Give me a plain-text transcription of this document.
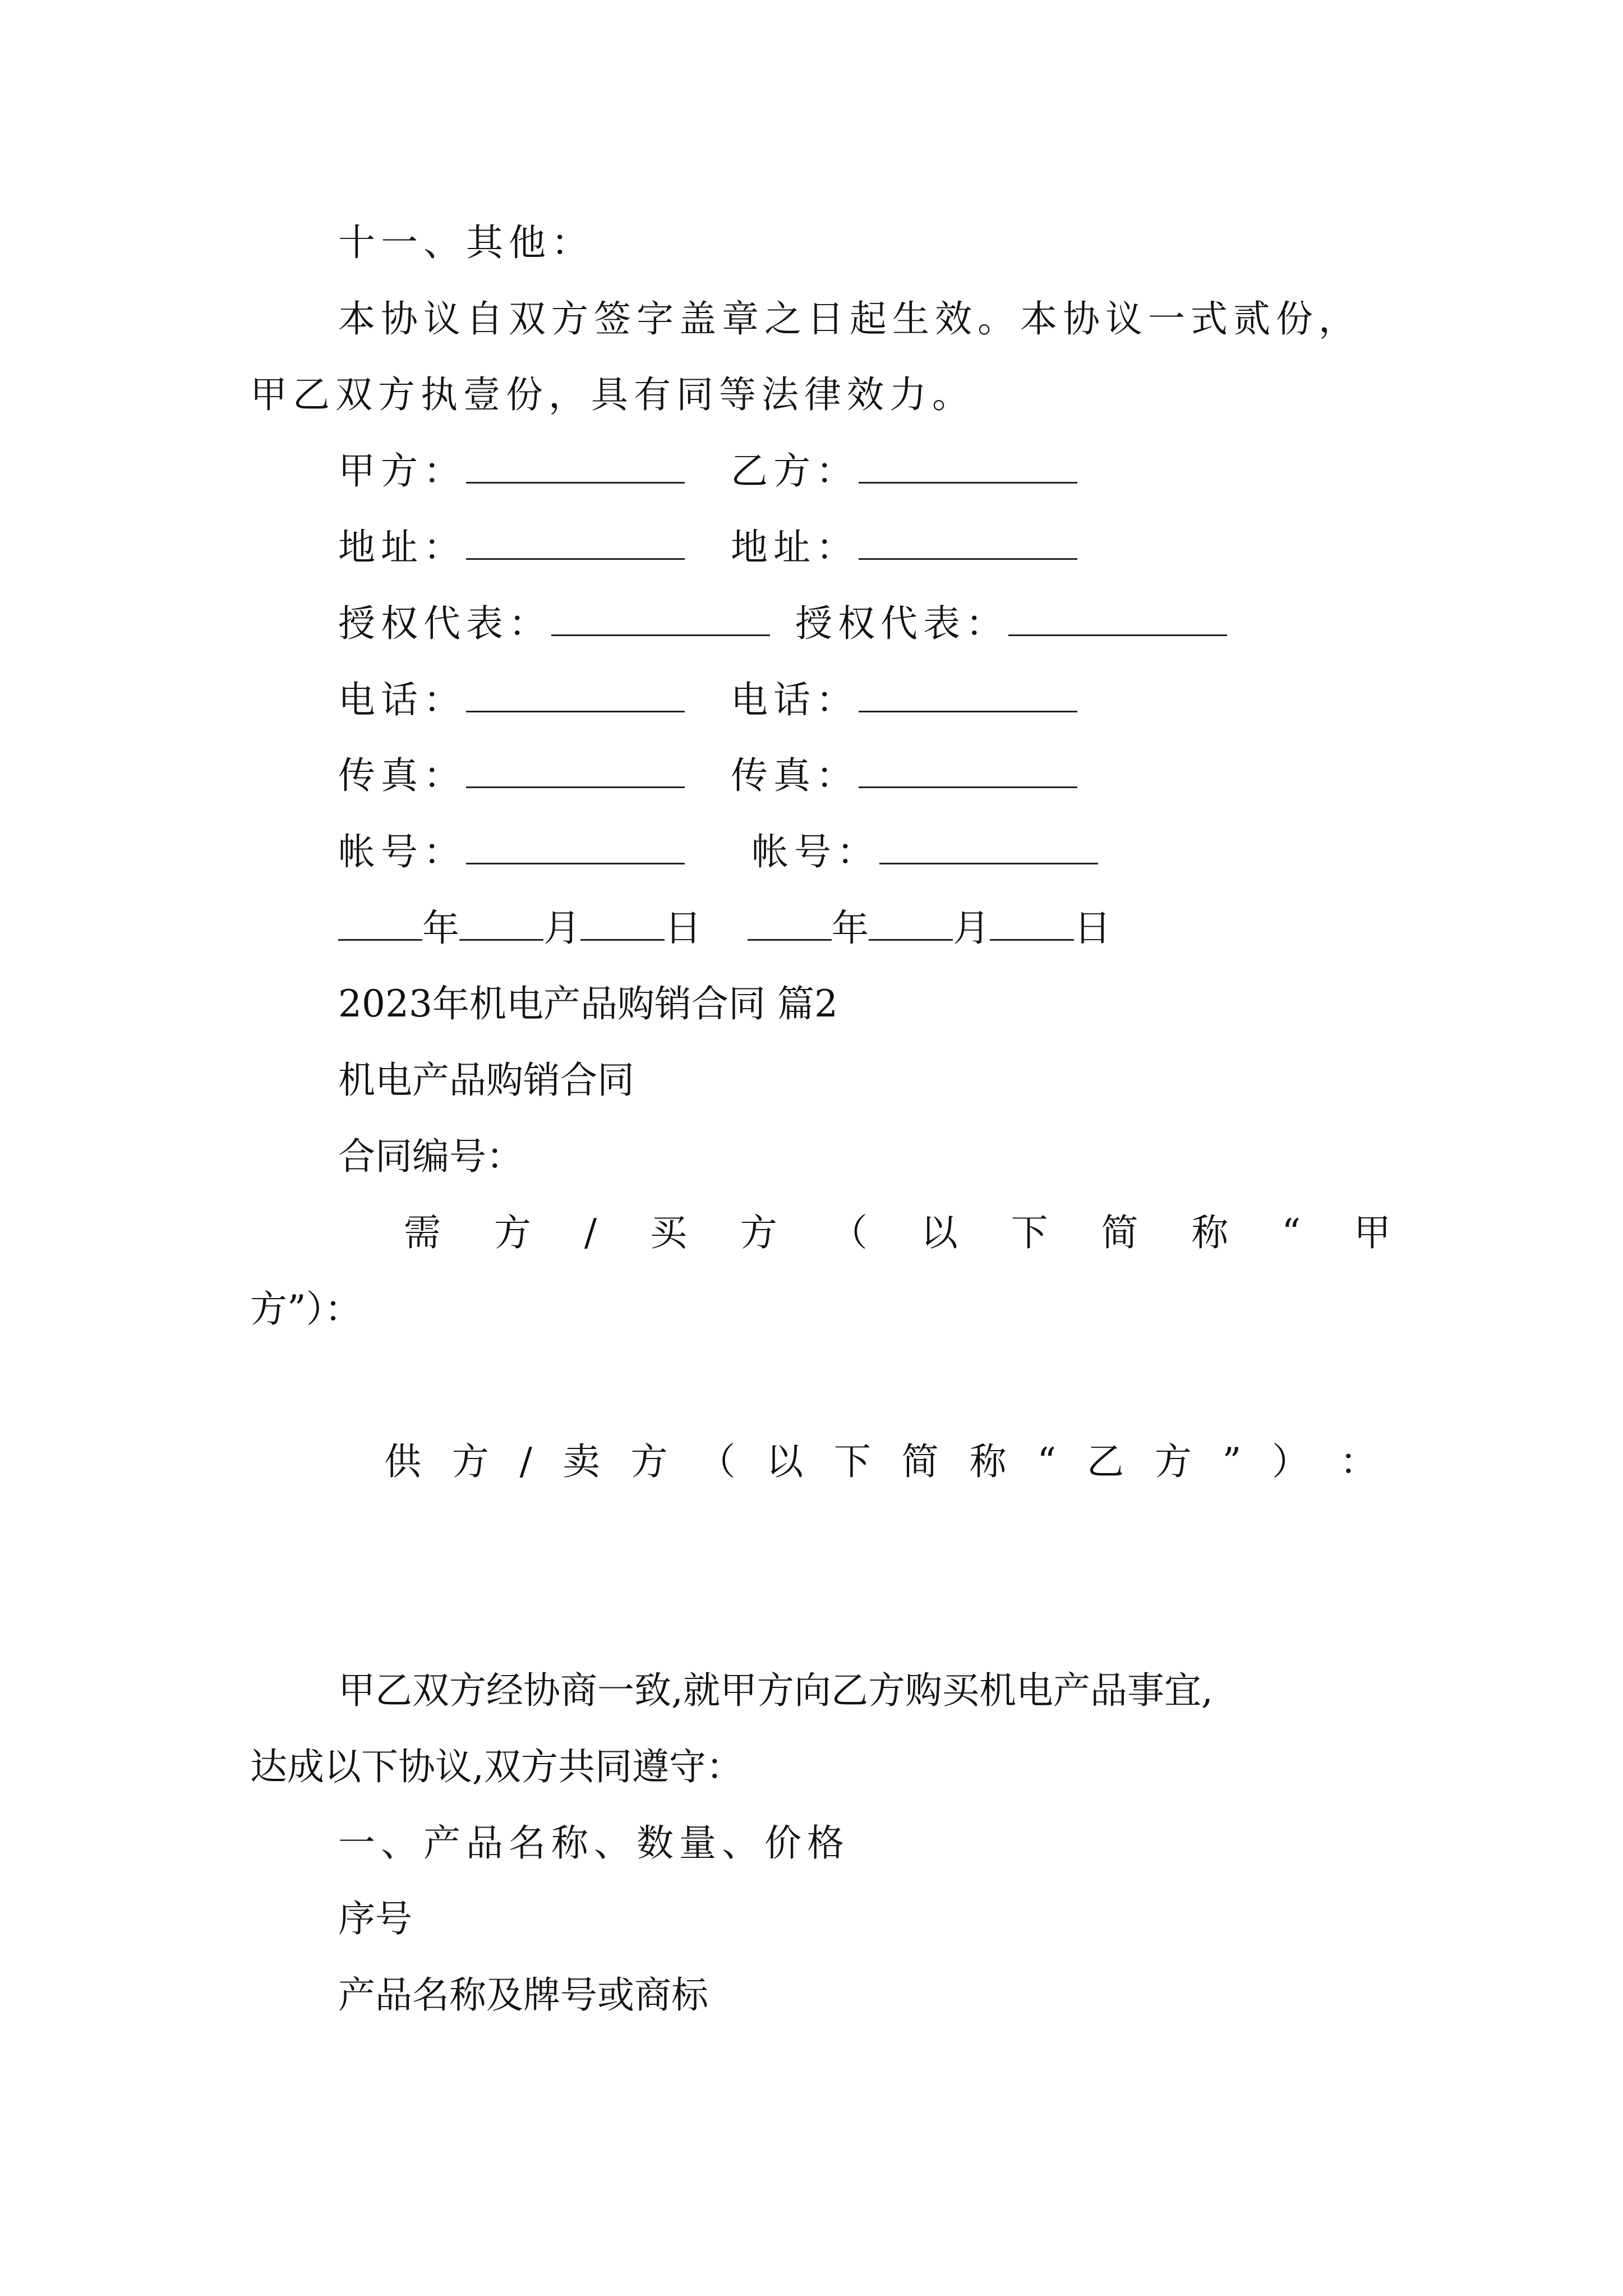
十一、其他：
本协议自双方签字盖章之日起生效。本协议一式贰份，
甲乙双方执壹份，具有同等法律效力。
甲方：	乙方：
地址：	地址：
授权代表：	授权代表：
电话：	电话：
传真：	传真：
帐号：	帐号：
年 月 日	年 月 日
2023年机电产品购销合同 篇2
机电产品购销合同
合同编号：
需 方 / 买 方 （ 以 下 简 称 “ 甲
方”）：
供 方 / 卖 方 （ 以 下 简 称 “ 乙 方 ” ） ：
甲乙双方经协商一致,就甲方向乙方购买机电产品事宜,
达成以下协议,双方共同遵守：
一、产品名称、数量、价格
序号
产品名称及牌号或商标
